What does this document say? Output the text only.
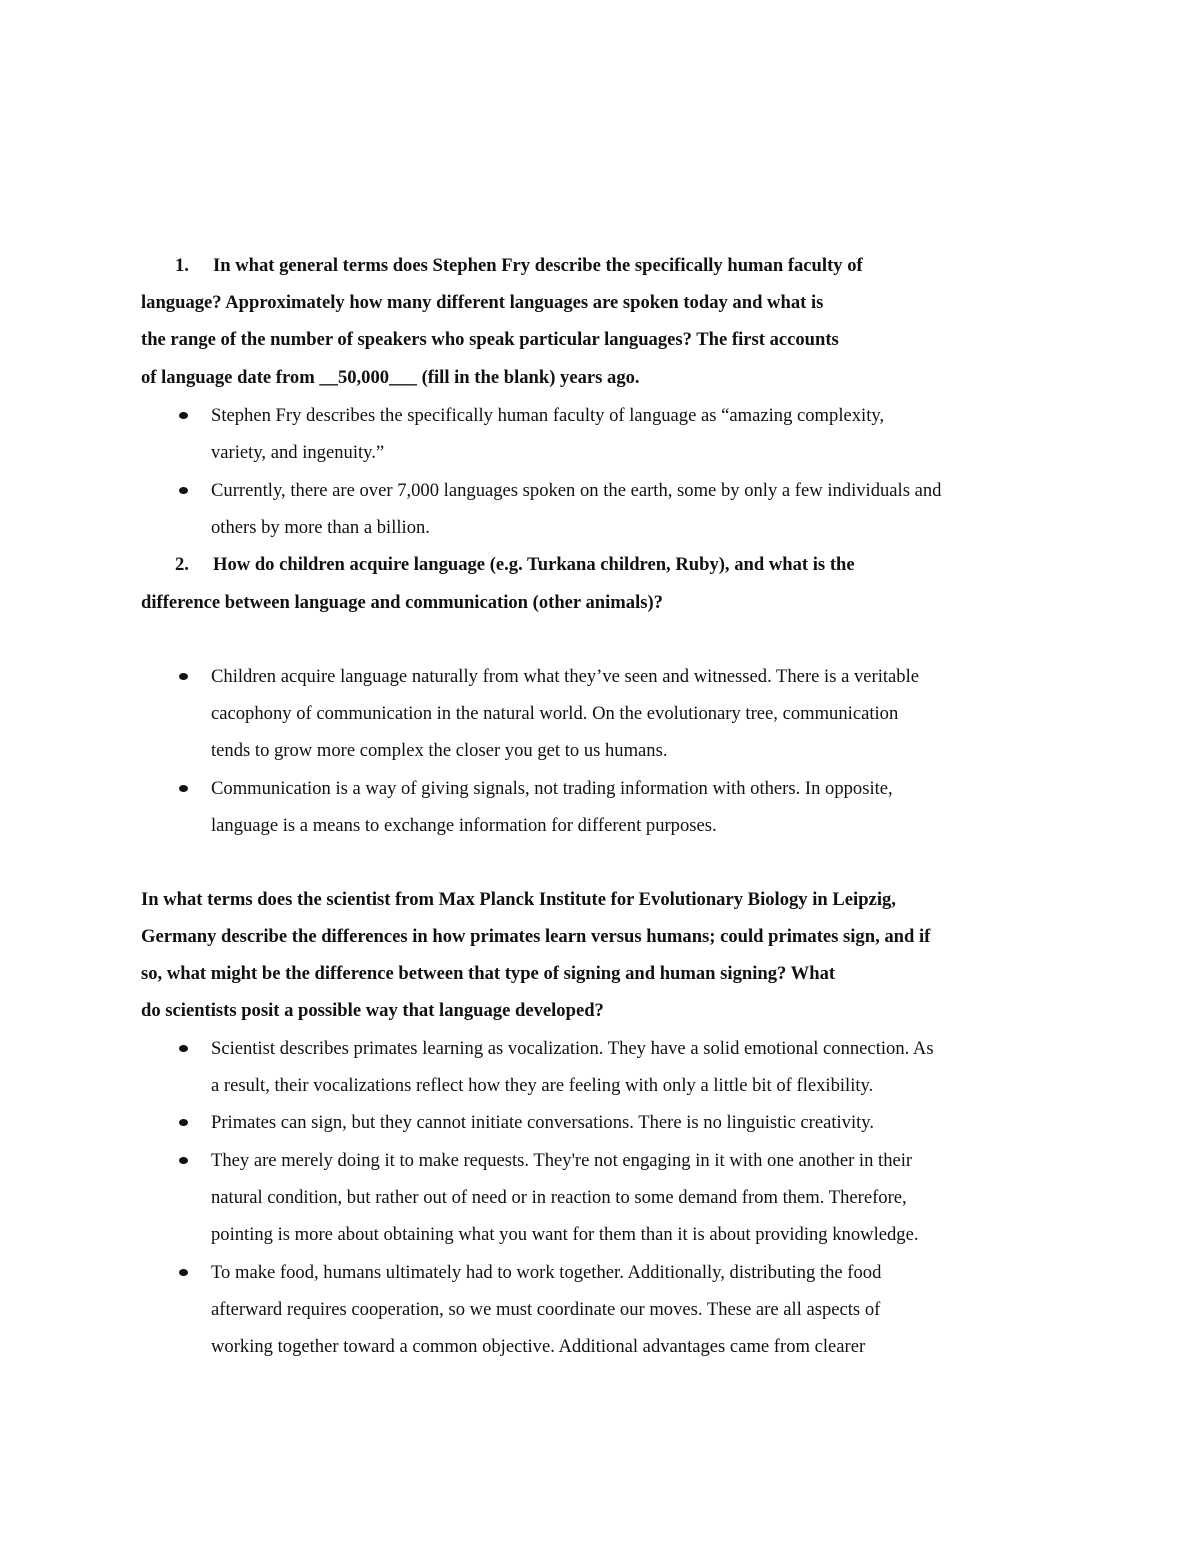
1. In what general terms does Stephen Fry describe the specifically human faculty of
language? Approximately how many different languages are spoken today and what is
the range of the number of speakers who speak particular languages? The first accounts
of language date from __50,000___ (fill in the blank) years ago.
Stephen Fry describes the specifically human faculty of language as “amazing complexity,
variety, and ingenuity.”
Currently, there are over 7,000 languages spoken on the earth, some by only a few individuals and
others by more than a billion.
2. How do children acquire language (e.g. Turkana children, Ruby), and what is the
difference between language and communication (other animals)?
Children acquire language naturally from what they’ve seen and witnessed. There is a veritable
cacophony of communication in the natural world. On the evolutionary tree, communication
tends to grow more complex the closer you get to us humans.
Communication is a way of giving signals, not trading information with others. In opposite,
language is a means to exchange information for different purposes.
In what terms does the scientist from Max Planck Institute for Evolutionary Biology in Leipzig,
Germany describe the differences in how primates learn versus humans; could primates sign, and if
so, what might be the difference between that type of signing and human signing? What
do scientists posit a possible way that language developed?
Scientist describes primates learning as vocalization. They have a solid emotional connection. As
a result, their vocalizations reflect how they are feeling with only a little bit of flexibility.
Primates can sign, but they cannot initiate conversations. There is no linguistic creativity.
They are merely doing it to make requests. They're not engaging in it with one another in their
natural condition, but rather out of need or in reaction to some demand from them. Therefore,
pointing is more about obtaining what you want for them than it is about providing knowledge.
To make food, humans ultimately had to work together. Additionally, distributing the food
afterward requires cooperation, so we must coordinate our moves. These are all aspects of
working together toward a common objective. Additional advantages came from clearer
